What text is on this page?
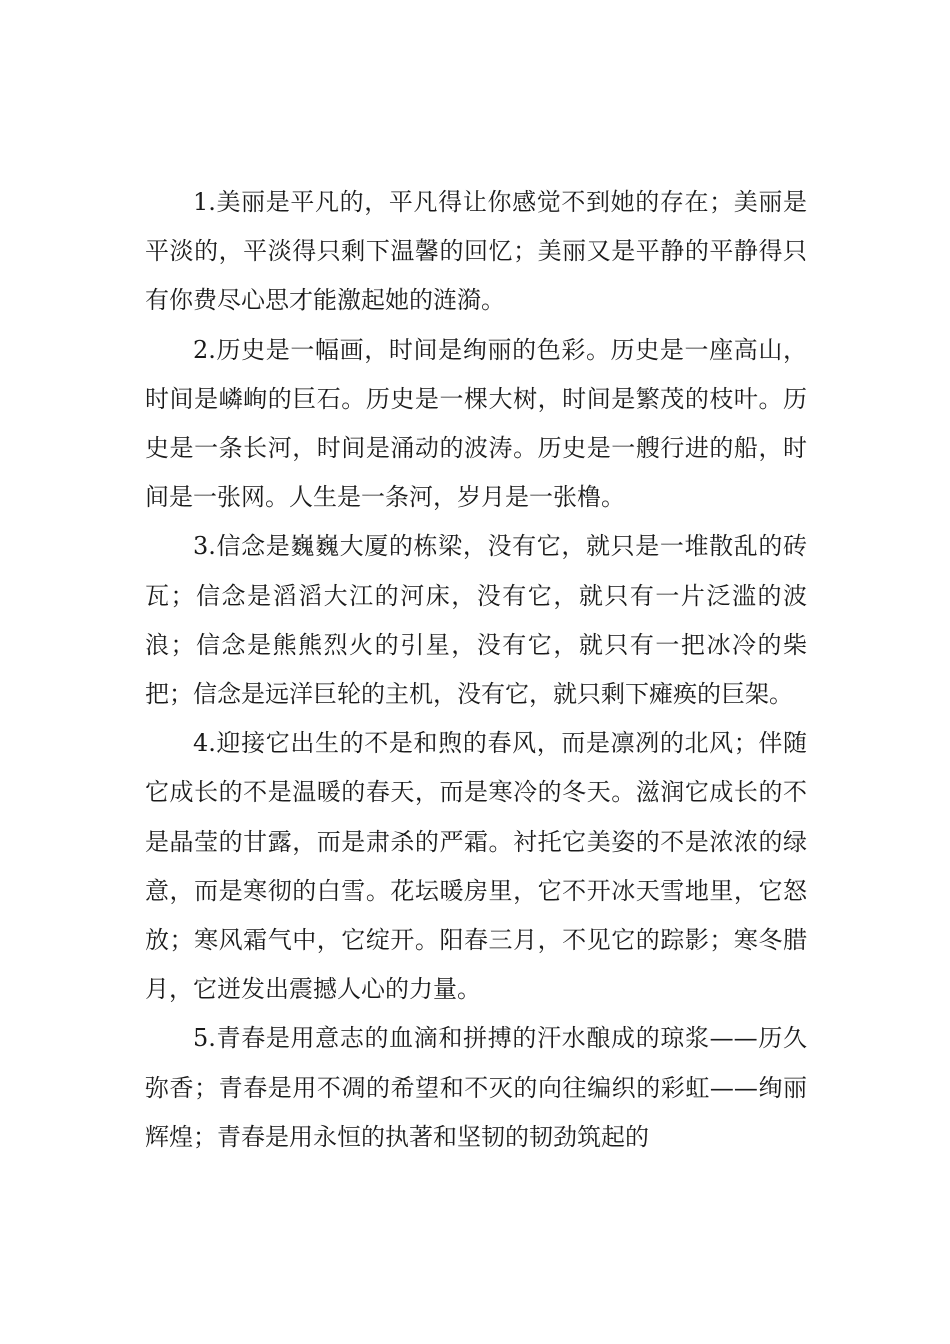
1.美丽是平凡的，平凡得让你感觉不到她的存在；美丽是平淡的，平淡得只剩下温馨的回忆；美丽又是平静的平静得只有你费尽心思才能激起她的涟漪。

2.历史是一幅画，时间是绚丽的色彩。历史是一座高山，时间是嶙峋的巨石。历史是一棵大树，时间是繁茂的枝叶。历史是一条长河，时间是涌动的波涛。历史是一艘行进的船，时间是一张网。人生是一条河，岁月是一张橹。

3.信念是巍巍大厦的栋梁，没有它，就只是一堆散乱的砖瓦；信念是滔滔大江的河床，没有它，就只有一片泛滥的波浪；信念是熊熊烈火的引星，没有它，就只有一把冰冷的柴把；信念是远洋巨轮的主机，没有它，就只剩下瘫痪的巨架。

4.迎接它出生的不是和煦的春风，而是凛冽的北风；伴随它成长的不是温暖的春天，而是寒冷的冬天。滋润它成长的不是晶莹的甘露，而是肃杀的严霜。衬托它美姿的不是浓浓的绿意，而是寒彻的白雪。花坛暖房里，它不开冰天雪地里，它怒放；寒风霜气中，它绽开。阳春三月，不见它的踪影；寒冬腊月，它迸发出震撼人心的力量。

5.青春是用意志的血滴和拼搏的汗水酿成的琼浆——历久弥香；青春是用不凋的希望和不灭的向往编织的彩虹——绚丽辉煌；青春是用永恒的执著和坚韧的韧劲筑起的
